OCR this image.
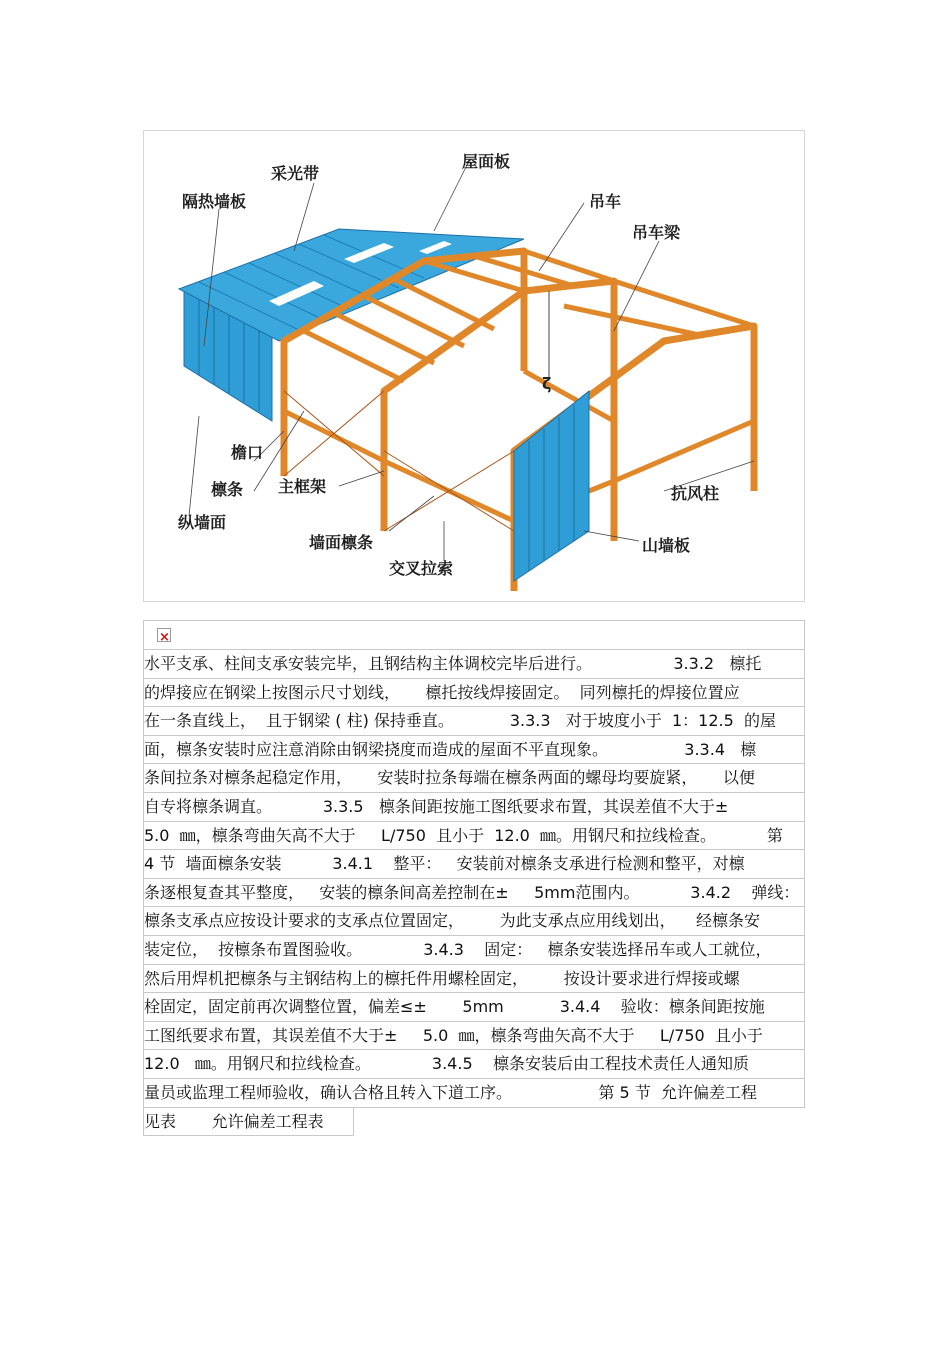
ζ
采光带
屋面板
隔热墙板	吊车
吊车梁
檐口
檩条 主框架
纵墙面
抗风柱
墙面檩条	山墙板
交叉拉索

×

水平支承、柱间支承安装完毕，且钢结构主体调校完毕后进行。                3.3.2   檩托
的焊接应在钢梁上按图示尺寸划线，     檩托按线焊接固定。  同列檩托的焊接位置应
在一条直线上，  且于钢梁 ( 柱) 保持垂直。           3.3.3   对于坡度小于  1：12.5  的屋
面，檩条安装时应注意消除由钢梁挠度而造成的屋面不平直现象。               3.3.4   檩
条间拉条对檩条起稳定作用，     安装时拉条每端在檩条两面的螺母均要旋紧，     以便
自专将檩条调直。          3.3.5   檩条间距按施工图纸要求布置，其误差值不大于±
5.0  ㎜，檩条弯曲矢高不大于     L/750  且小于  12.0  ㎜。用钢尺和拉线检查。          第
4 节  墙面檩条安装          3.4.1    整平：   安装前对檩条支承进行检测和整平，对檩
条逐根复查其平整度，   安装的檩条间高差控制在±     5mm范围内。          3.4.2    弹线：
檩条支承点应按设计要求的支承点位置固定，       为此支承点应用线划出，    经檩条安
装定位，  按檩条布置图验收。            3.4.3    固定：   檩条安装选择吊车或人工就位，
然后用焊机把檩条与主钢结构上的檩托件用螺栓固定，       按设计要求进行焊接或螺
栓固定，固定前再次调整位置，偏差≤±       5mm           3.4.4    验收：檩条间距按施
工图纸要求布置，其误差值不大于±     5.0  ㎜，檩条弯曲矢高不大于     L/750  且小于
12.0   ㎜。用钢尺和拉线检查。            3.4.5    檩条安装后由工程技术责任人通知质
量员或监理工程师验收，确认合格且转入下道工序。                 第 5 节  允许偏差工程
见表       允许偏差工程表
